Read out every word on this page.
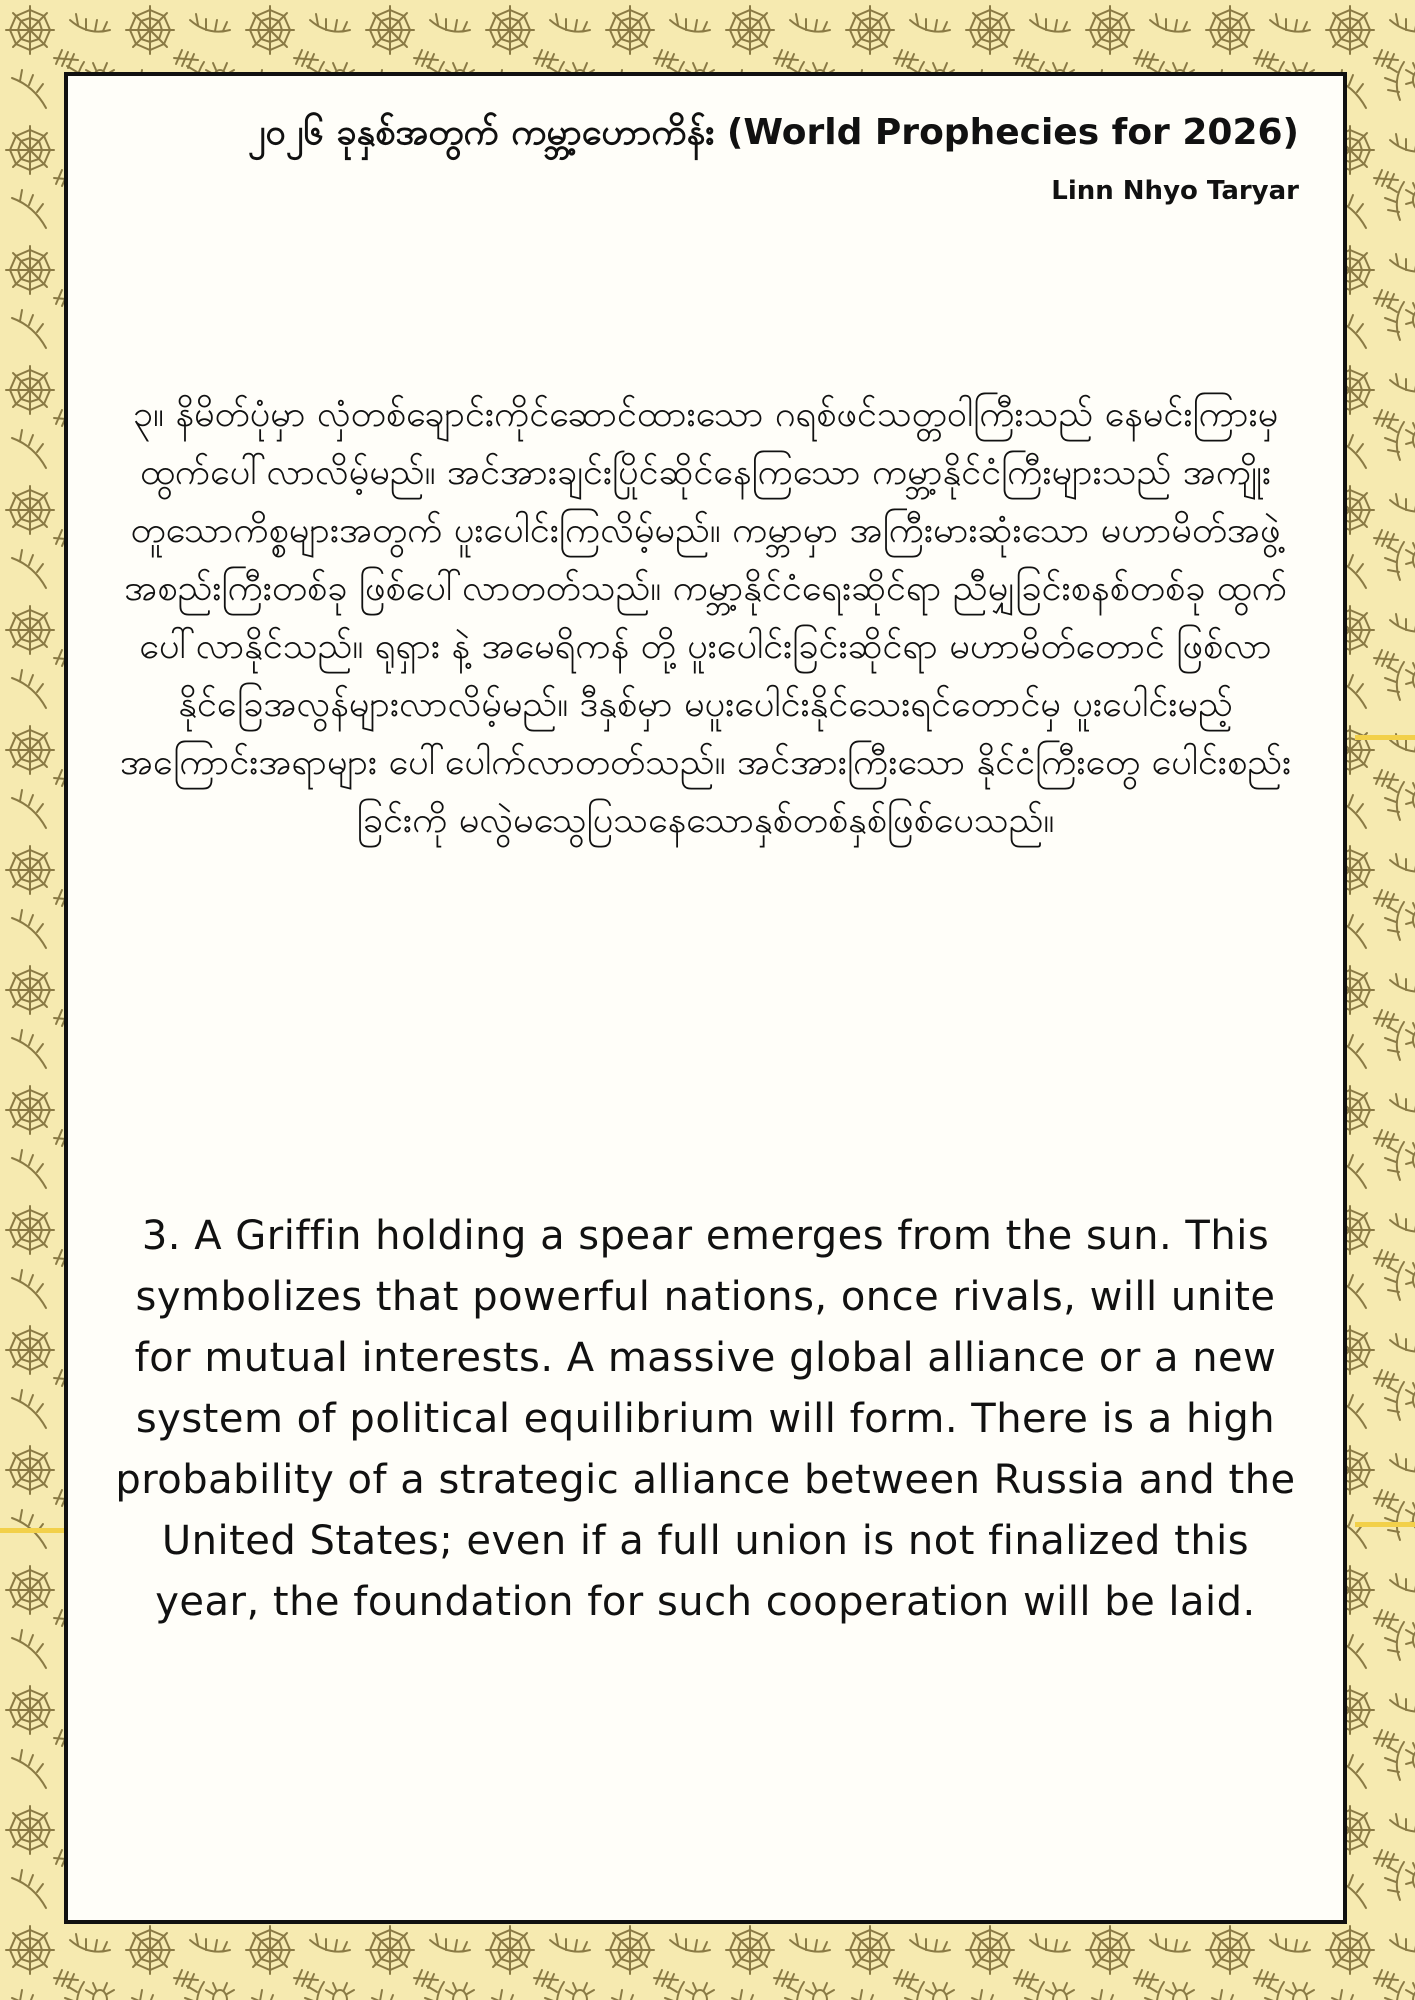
၂၀၂၆ ခုနှစ်အတွက် ကမ္ဘာ့ဟောကိန်း (World Prophecies for 2026)
Linn Nhyo Taryar

၃။ နိမိတ်ပုံမှာ လှံတစ်ချောင်းကိုင်ဆောင်ထားသော ဂရစ်ဖင်သတ္တဝါကြီးသည် နေမင်းကြားမှ ထွက်ပေါ်လာလိမ့်မည်။ အင်အားချင်းပြိုင်ဆိုင်နေကြသော ကမ္ဘာ့နိုင်ငံကြီးများသည် အကျိုးတူသောကိစ္စများအတွက် ပူးပေါင်းကြလိမ့်မည်။ ကမ္ဘာမှာ အကြီးမားဆုံးသော မဟာမိတ်အဖွဲ့အစည်းကြီးတစ်ခု ဖြစ်ပေါ်လာတတ်သည်။ ကမ္ဘာ့နိုင်ငံရေးဆိုင်ရာ ညီမျှခြင်းစနစ်တစ်ခု ထွက်ပေါ်လာနိုင်သည်။ ရုရှား နဲ့ အမေရိကန် တို့ ပူးပေါင်းခြင်းဆိုင်ရာ မဟာမိတ်တောင် ဖြစ်လာနိုင်ခြေအလွန်များလာလိမ့်မည်။ ဒီနှစ်မှာ မပူးပေါင်းနိုင်သေးရင်တောင်မှ ပူးပေါင်းမည့်အကြောင်းအရာများ ပေါ်ပေါက်လာတတ်သည်။ အင်အားကြီးသော နိုင်ငံကြီးတွေ ပေါင်းစည်းခြင်းကို မလွဲမသွေပြသနေသောနှစ်တစ်နှစ်ဖြစ်ပေသည်။

3. A Griffin holding a spear emerges from the sun. This symbolizes that powerful nations, once rivals, will unite for mutual interests. A massive global alliance or a new system of political equilibrium will form. There is a high probability of a strategic alliance between Russia and the United States; even if a full union is not finalized this year, the foundation for such cooperation will be laid.
